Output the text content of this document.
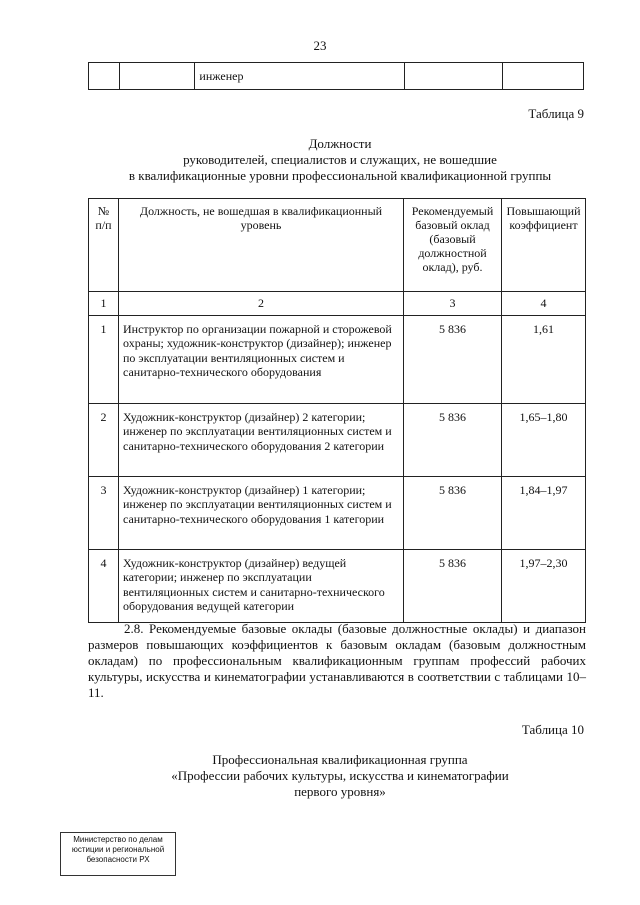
23
		инженер		
Таблица 9
Должности
руководителей, специалистов и служащих, не вошедшие
в квалификационные уровни профессиональной квалификационной группы
№ п/п	Должность, не вошедшая в квалификационный уровень	Рекомендуемый базовый оклад (базовый должностной оклад), руб.	Повышающий коэффициент
1	2	3	4
1	Инструктор по организации пожарной и сторожевой охраны; художник-конструктор (дизайнер); инженер по эксплуатации вентиляционных систем и санитарно-технического оборудования	5 836	1,61
2	Художник-конструктор (дизайнер) 2 категории; инженер по эксплуатации вентиляционных систем и санитарно-технического оборудования 2 категории	5 836	1,65–1,80
3	Художник-конструктор (дизайнер) 1 категории; инженер по эксплуатации вентиляционных систем и санитарно-технического оборудования 1 категории	5 836	1,84–1,97
4	Художник-конструктор (дизайнер) ведущей категории; инженер по эксплуатации вентиляционных систем и санитарно-технического оборудования ведущей категории	5 836	1,97–2,30
2.8. Рекомендуемые базовые оклады (базовые должностные оклады) и диапазон размеров повышающих коэффициентов к базовым окладам (базовым должностным окладам) по профессиональным квалификационным группам профессий рабочих культуры, искусства и кинематографии устанавливаются в соответствии с таблицами 10–11.
Таблица 10
Профессиональная квалификационная группа
«Профессии рабочих культуры, искусства и кинематографии
первого уровня»
Министерство по делам
юстиции и региональной
безопасности РХ
